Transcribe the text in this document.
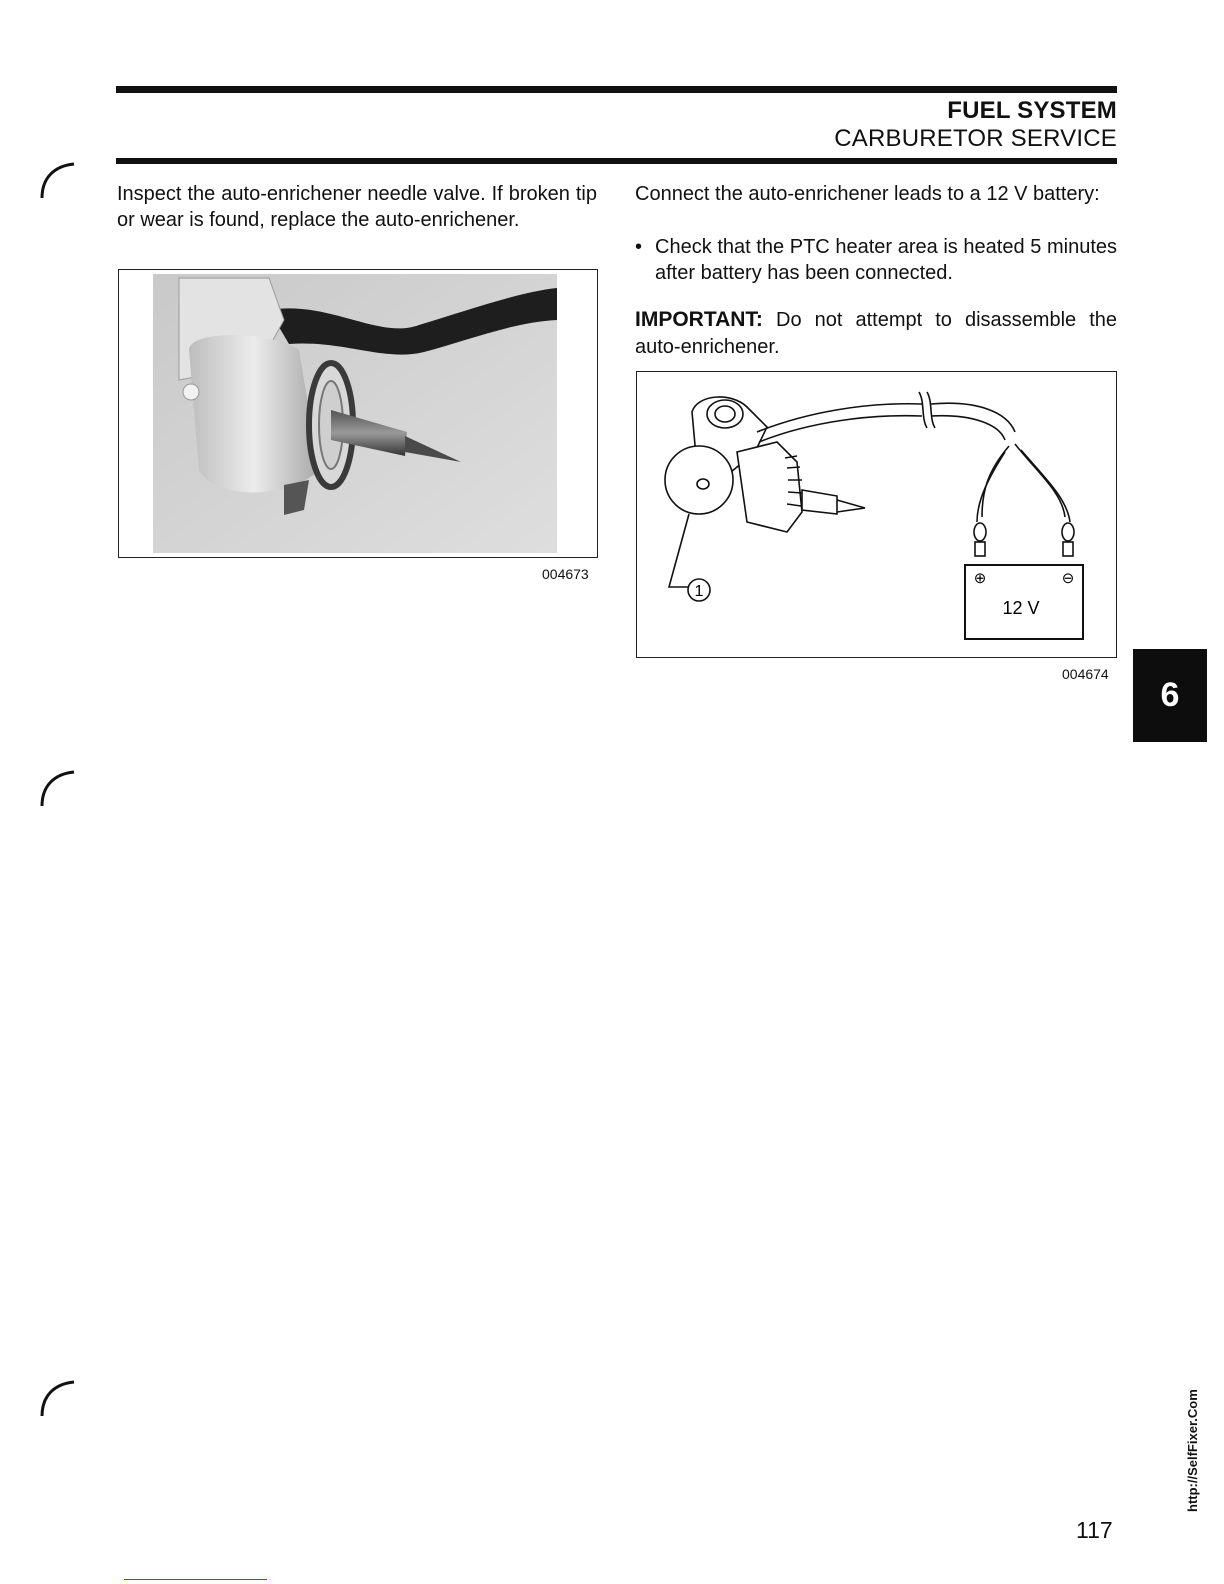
FUEL SYSTEM
CARBURETOR SERVICE
Inspect the auto-enrichener needle valve. If broken tip or wear is found, replace the auto-enrichener.
004673
Connect the auto-enrichener leads to a 12 V battery:
• Check that the PTC heater area is heated 5 minutes after battery has been connected.
IMPORTANT: Do not attempt to disassemble the auto-enrichener.
⊕	⊖
12 V
1
004674
6
http://SelfFixer.Com
117
